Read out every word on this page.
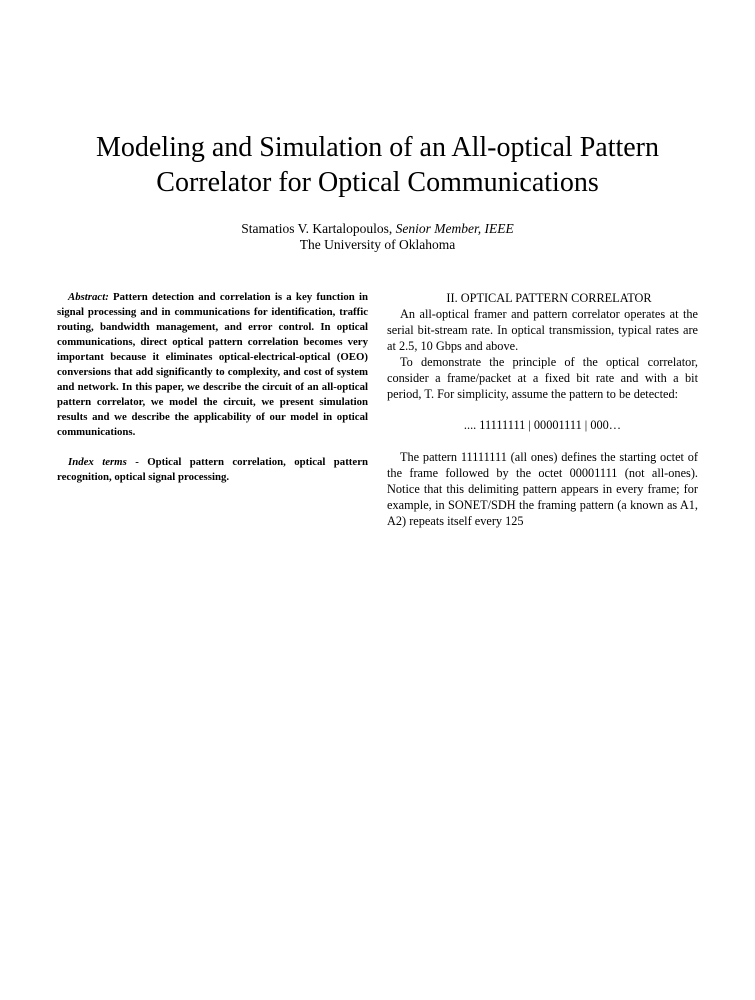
Modeling and Simulation of an All-optical Pattern
Correlator for Optical Communications
Stamatios V. Kartalopoulos, Senior Member, IEEE
The University of Oklahoma

Abstract: Pattern detection and correlation is a key function in signal processing and in communications for identification, traffic routing, bandwidth management, and error control. In optical communications, direct optical pattern correlation becomes very important because it eliminates optical-electrical-optical (OEO) conversions that add significantly to complexity, and cost of system and network. In this paper, we describe the circuit of an all-optical pattern correlator, we model the circuit, we present simulation results and we describe the applicability of our model in optical communications.

Index terms - Optical pattern correlation, optical pattern recognition, optical signal processing.

II. OPTICAL PATTERN CORRELATOR

An all-optical framer and pattern correlator operates at the serial bit-stream rate. In optical transmission, typical rates are at 2.5, 10 Gbps and above.

To demonstrate the principle of the optical correlator, consider a frame/packet at a fixed bit rate and with a bit period, T. For simplicity, assume the pattern to be detected:

.... 11111111 | 00001111 | 000…

The pattern 11111111 (all ones) defines the starting octet of the frame followed by the octet 00001111 (not all-ones). Notice that this delimiting pattern appears in every frame; for example, in SONET/SDH the framing pattern (a known as A1, A2) repeats itself every 125
